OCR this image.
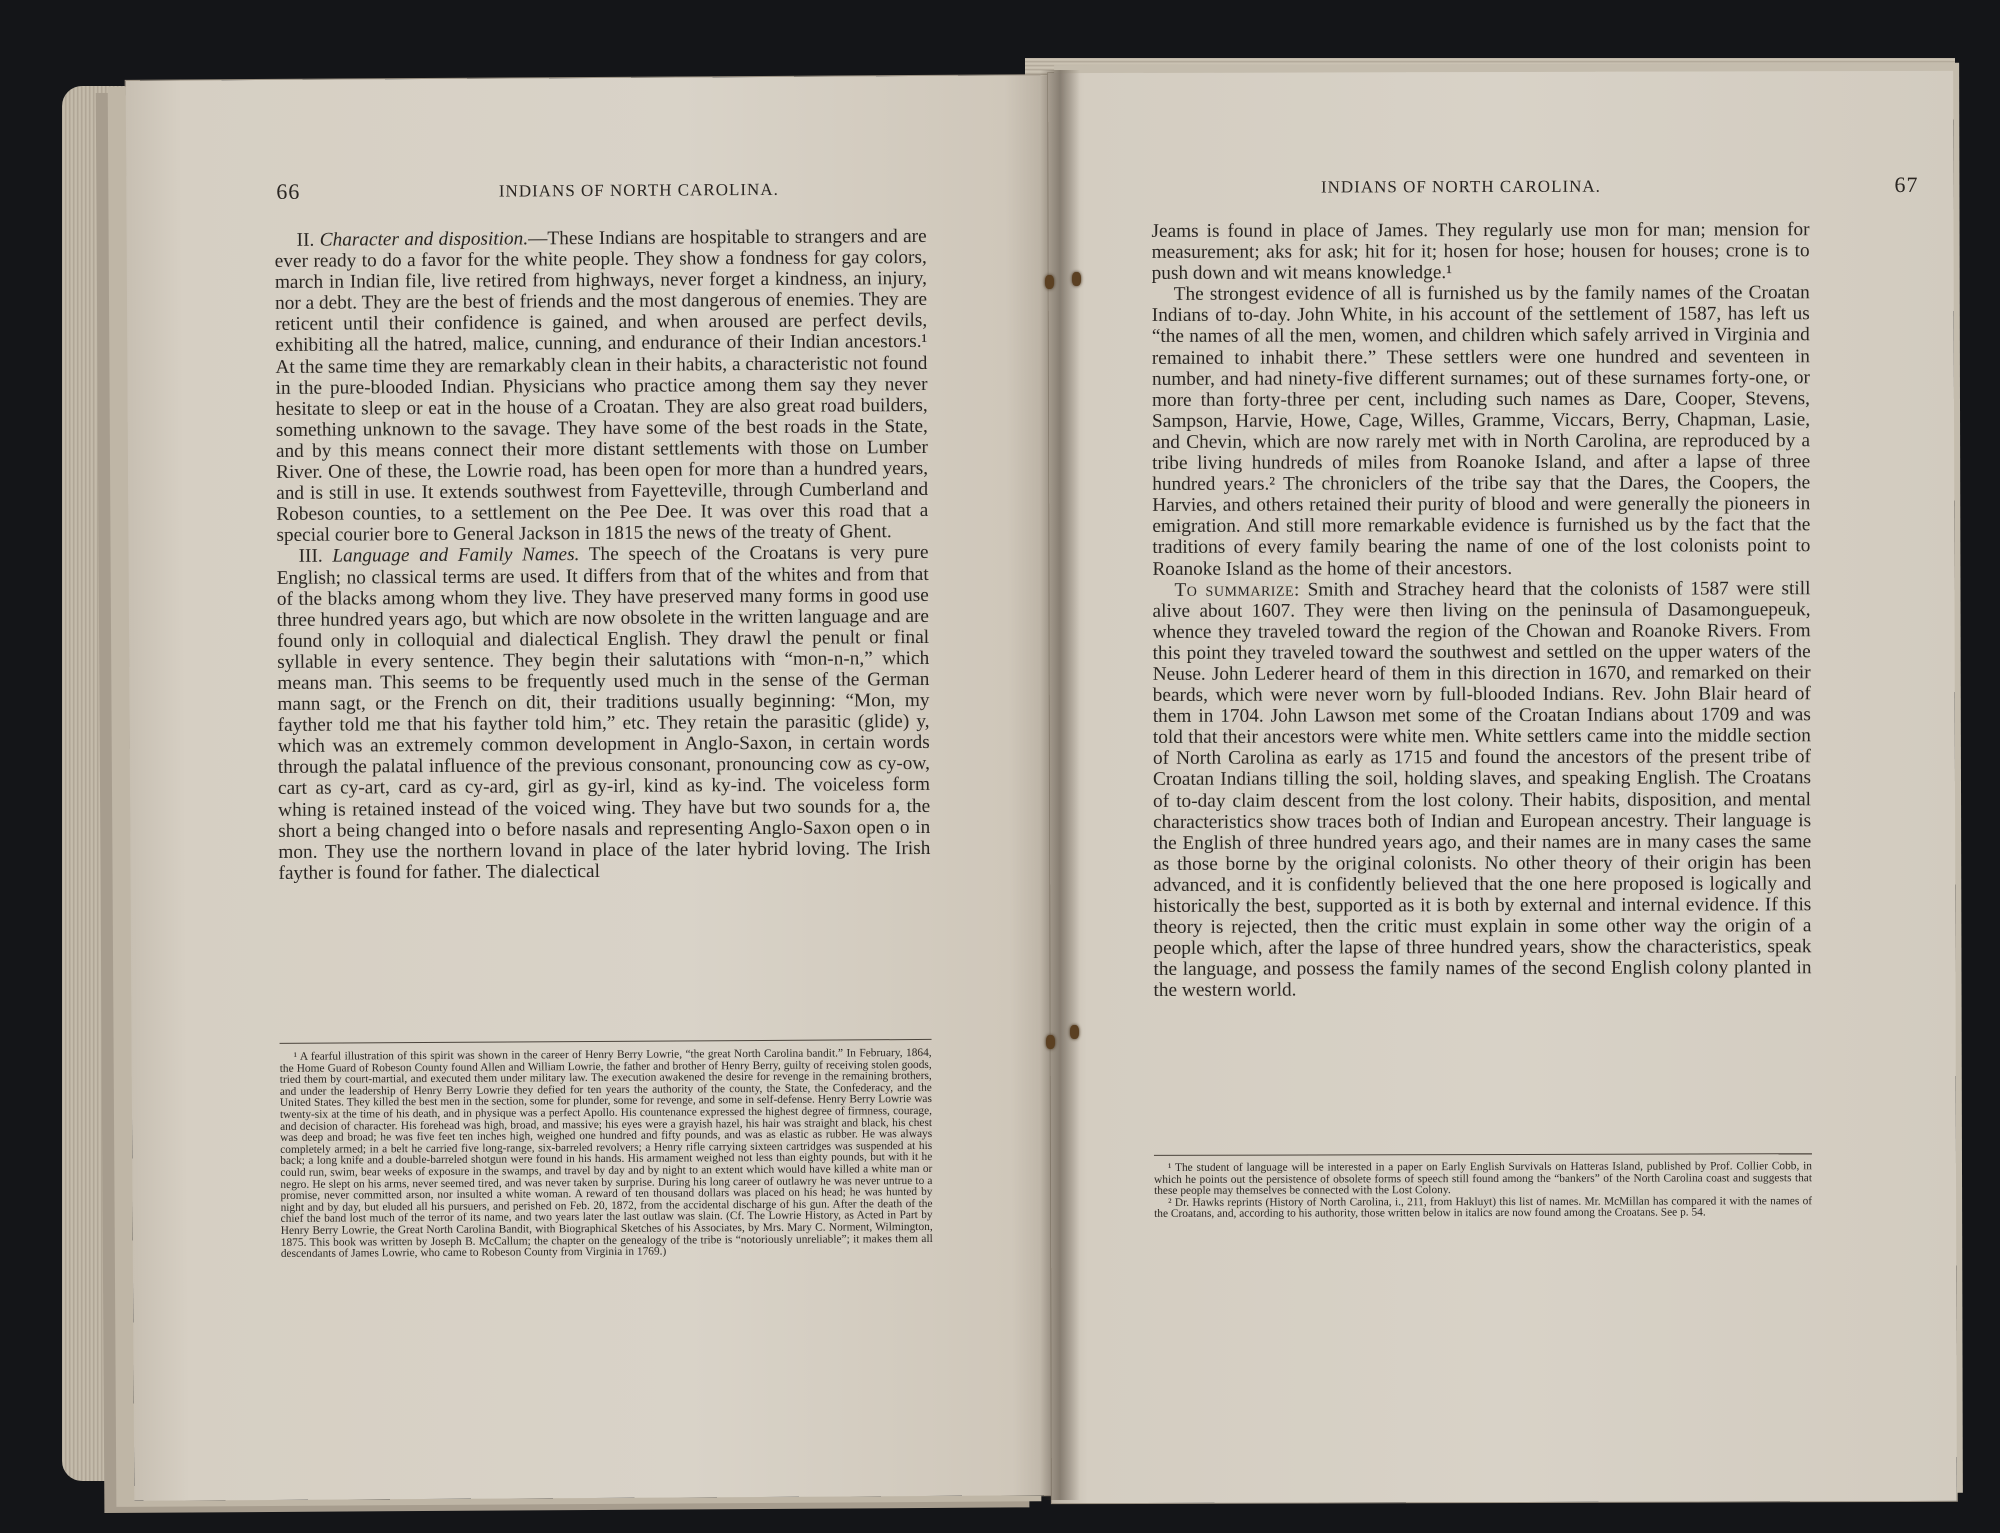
66	INDIANS OF NORTH CAROLINA.

II. Character and disposition.—These Indians are hospitable to strangers and are ever ready to do a favor for the white people. They show a fondness for gay colors, march in Indian file, live retired from highways, never forget a kindness, an injury, nor a debt. They are the best of friends and the most dangerous of enemies. They are reticent until their confidence is gained, and when aroused are perfect devils, exhibiting all the hatred, malice, cunning, and endurance of their Indian ancestors.¹ At the same time they are remarkably clean in their habits, a characteristic not found in the pure-blooded Indian. Physicians who practice among them say they never hesitate to sleep or eat in the house of a Croatan. They are also great road builders, something unknown to the savage. They have some of the best roads in the State, and by this means connect their more distant settlements with those on Lumber River. One of these, the Lowrie road, has been open for more than a hundred years, and is still in use. It extends southwest from Fayetteville, through Cumberland and Robeson counties, to a settlement on the Pee Dee. It was over this road that a special courier bore to General Jackson in 1815 the news of the treaty of Ghent.

III. Language and Family Names. The speech of the Croatans is very pure English; no classical terms are used. It differs from that of the whites and from that of the blacks among whom they live. They have preserved many forms in good use three hundred years ago, but which are now obsolete in the written language and are found only in colloquial and dialectical English. They drawl the penult or final syllable in every sentence. They begin their salutations with “mon-n-n,” which means man. This seems to be frequently used much in the sense of the German mann sagt, or the French on dit, their traditions usually beginning: “Mon, my fayther told me that his fayther told him,” etc. They retain the parasitic (glide) y, which was an extremely common development in Anglo-Saxon, in certain words through the palatal influence of the previous consonant, pronouncing cow as cy-ow, cart as cy-art, card as cy-ard, girl as gy-irl, kind as ky-ind. The voiceless form whing is retained instead of the voiced wing. They have but two sounds for a, the short a being changed into o before nasals and representing Anglo-Saxon open o in mon. They use the northern lovand in place of the later hybrid loving. The Irish fayther is found for father. The dialectical

¹ A fearful illustration of this spirit was shown in the career of Henry Berry Lowrie, “the great North Carolina bandit.” In February, 1864, the Home Guard of Robeson County found Allen and William Lowrie, the father and brother of Henry Berry, guilty of receiving stolen goods, tried them by court-martial, and executed them under military law. The execution awakened the desire for revenge in the remaining brothers, and under the leadership of Henry Berry Lowrie they defied for ten years the authority of the county, the State, the Confederacy, and the United States. They killed the best men in the section, some for plunder, some for revenge, and some in self-defense. Henry Berry Lowrie was twenty-six at the time of his death, and in physique was a perfect Apollo. His countenance expressed the highest degree of firmness, courage, and decision of character. His forehead was high, broad, and massive; his eyes were a grayish hazel, his hair was straight and black, his chest was deep and broad; he was five feet ten inches high, weighed one hundred and fifty pounds, and was as elastic as rubber. He was always completely armed; in a belt he carried five long-range, six-barreled revolvers; a Henry rifle carrying sixteen cartridges was suspended at his back; a long knife and a double-barreled shotgun were found in his hands. His armament weighed not less than eighty pounds, but with it he could run, swim, bear weeks of exposure in the swamps, and travel by day and by night to an extent which would have killed a white man or negro. He slept on his arms, never seemed tired, and was never taken by surprise. During his long career of outlawry he was never untrue to a promise, never committed arson, nor insulted a white woman. A reward of ten thousand dollars was placed on his head; he was hunted by night and by day, but eluded all his pursuers, and perished on Feb. 20, 1872, from the accidental discharge of his gun. After the death of the chief the band lost much of the terror of its name, and two years later the last outlaw was slain. (Cf. The Lowrie History, as Acted in Part by Henry Berry Lowrie, the Great North Carolina Bandit, with Biographical Sketches of his Associates, by Mrs. Mary C. Norment, Wilmington, 1875. This book was written by Joseph B. McCallum; the chapter on the genealogy of the tribe is “notoriously unreliable”; it makes them all descendants of James Lowrie, who came to Robeson County from Virginia in 1769.)

INDIANS OF NORTH CAROLINA.	67

Jeams is found in place of James. They regularly use mon for man; mension for measurement; aks for ask; hit for it; hosen for hose; housen for houses; crone is to push down and wit means knowledge.¹

The strongest evidence of all is furnished us by the family names of the Croatan Indians of to-day. John White, in his account of the settlement of 1587, has left us “the names of all the men, women, and children which safely arrived in Virginia and remained to inhabit there.” These settlers were one hundred and seventeen in number, and had ninety-five different surnames; out of these surnames forty-one, or more than forty-three per cent, including such names as Dare, Cooper, Stevens, Sampson, Harvie, Howe, Cage, Willes, Gramme, Viccars, Berry, Chapman, Lasie, and Chevin, which are now rarely met with in North Carolina, are reproduced by a tribe living hundreds of miles from Roanoke Island, and after a lapse of three hundred years.² The chroniclers of the tribe say that the Dares, the Coopers, the Harvies, and others retained their purity of blood and were generally the pioneers in emigration. And still more remarkable evidence is furnished us by the fact that the traditions of every family bearing the name of one of the lost colonists point to Roanoke Island as the home of their ancestors.

To summarize: Smith and Strachey heard that the colonists of 1587 were still alive about 1607. They were then living on the peninsula of Dasamonguepeuk, whence they traveled toward the region of the Chowan and Roanoke Rivers. From this point they traveled toward the southwest and settled on the upper waters of the Neuse. John Lederer heard of them in this direction in 1670, and remarked on their beards, which were never worn by full-blooded Indians. Rev. John Blair heard of them in 1704. John Lawson met some of the Croatan Indians about 1709 and was told that their ancestors were white men. White settlers came into the middle section of North Carolina as early as 1715 and found the ancestors of the present tribe of Croatan Indians tilling the soil, holding slaves, and speaking English. The Croatans of to-day claim descent from the lost colony. Their habits, disposition, and mental characteristics show traces both of Indian and European ancestry. Their language is the English of three hundred years ago, and their names are in many cases the same as those borne by the original colonists. No other theory of their origin has been advanced, and it is confidently believed that the one here proposed is logically and historically the best, supported as it is both by external and internal evidence. If this theory is rejected, then the critic must explain in some other way the origin of a people which, after the lapse of three hundred years, show the characteristics, speak the language, and possess the family names of the second English colony planted in the western world.

¹ The student of language will be interested in a paper on Early English Survivals on Hatteras Island, published by Prof. Collier Cobb, in which he points out the persistence of obsolete forms of speech still found among the “bankers” of the North Carolina coast and suggests that these people may themselves be connected with the Lost Colony.

² Dr. Hawks reprints (History of North Carolina, i., 211, from Hakluyt) this list of names. Mr. McMillan has compared it with the names of the Croatans, and, according to his authority, those written below in italics are now found among the Croatans. See p. 54.
